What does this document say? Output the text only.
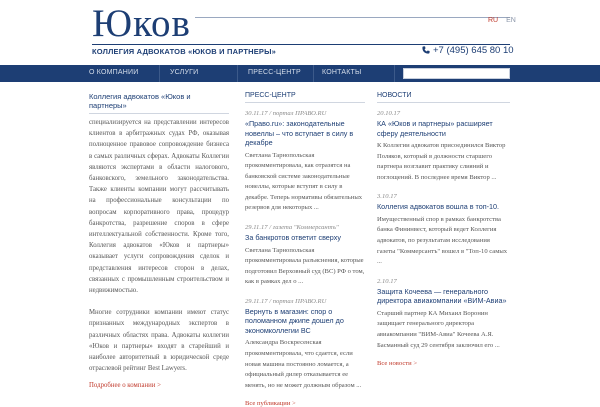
Юков	RU EN
КОЛЛЕГИЯ АДВОКАТОВ «ЮКОВ И ПАРТНЕРЫ»	+7 (495) 645 80 10
О КОМПАНИИ	УСЛУГИ	ПРЕСС-ЦЕНТР	КОНТАКТЫ
Коллегия адвокатов «Юков и партнеры»
специализируется на представлении интересов клиентов в арбитражных судах РФ, оказывая полноценное правовое сопровождение бизнеса в самых различных сферах. Адвокаты Коллегии являются экспертами в области налогового, банковского, земельного законодательства. Также клиенты компании могут рассчитывать на профессиональные консультации по вопросам корпоративного права, процедур банкротства, разрешение споров в сфере интеллектуальной собственности. Кроме того, Коллегия адвокатов «Юков и партнеры» оказывает услуги сопровождения сделок и представления интересов сторон в делах, связанных с промышленным строительством и недвижимостью.
Многие сотрудники компании имеют статус признанных международных экспертов в различных областях права. Адвокаты коллегии «Юков и партнеры» входят в старейший и наиболее авторитетный в юридической среде отраслевой рейтинг Best Lawyers.
Подробнее о компании >
ПРЕСС-ЦЕНТР
30.11.17 / портал ПРАВО.RU
«Право.ru»: законодательные новеллы – что вступает в силу в декабре
Светлана Тарнопольская прокомментировала, как отразятся на банковской системе законодательные новеллы, которые вступят в силу в декабре. Теперь нормативы обязательных резервов для некоторых ...
29.11.17 / газета "Коммерсантъ"
За банкротов ответит сверху
Светлана Тарнопольская прокомментировала разъяснения, которые подготовил Верховный суд (ВС) РФ о том, как в рамках дел о ...
29.11.17 / портал ПРАВО.RU
Вернуть в магазин: спор о поломанном джипе дошел до экономколлегии ВС
Александра Воскресенская прокомментировала, что сдается, если новая машина постоянно ломается, а официальный дилер отказывается ее менять, но не может должным образом ...
Все публикации >
НОВОСТИ
20.10.17
КА «Юков и партнеры» расширяет сферу деятельности
К Коллегии адвокатов присоединился Виктор Поляков, который в должности старшего партнера возглавит практику слияний и поглощений. В последнее время Виктор ...
3.10.17
Коллегия адвокатов вошла в топ-10.
Имущественный спор в рамках банкротства банка Фининвест, который ведет Коллегия адвокатов, по результатам исследования газеты "Коммерсантъ" вошел в "Топ-10 самых ...
2.10.17
Защита Кочеева — генерального директора авиакомпании «ВИМ-Авиа»
Старший партнер КА Михаил Воронин защищает генерального директора авиакомпании "ВИМ-Авиа" Кочеева А.Я. Басманный суд 29 сентября заключил его ...
Все новости >
